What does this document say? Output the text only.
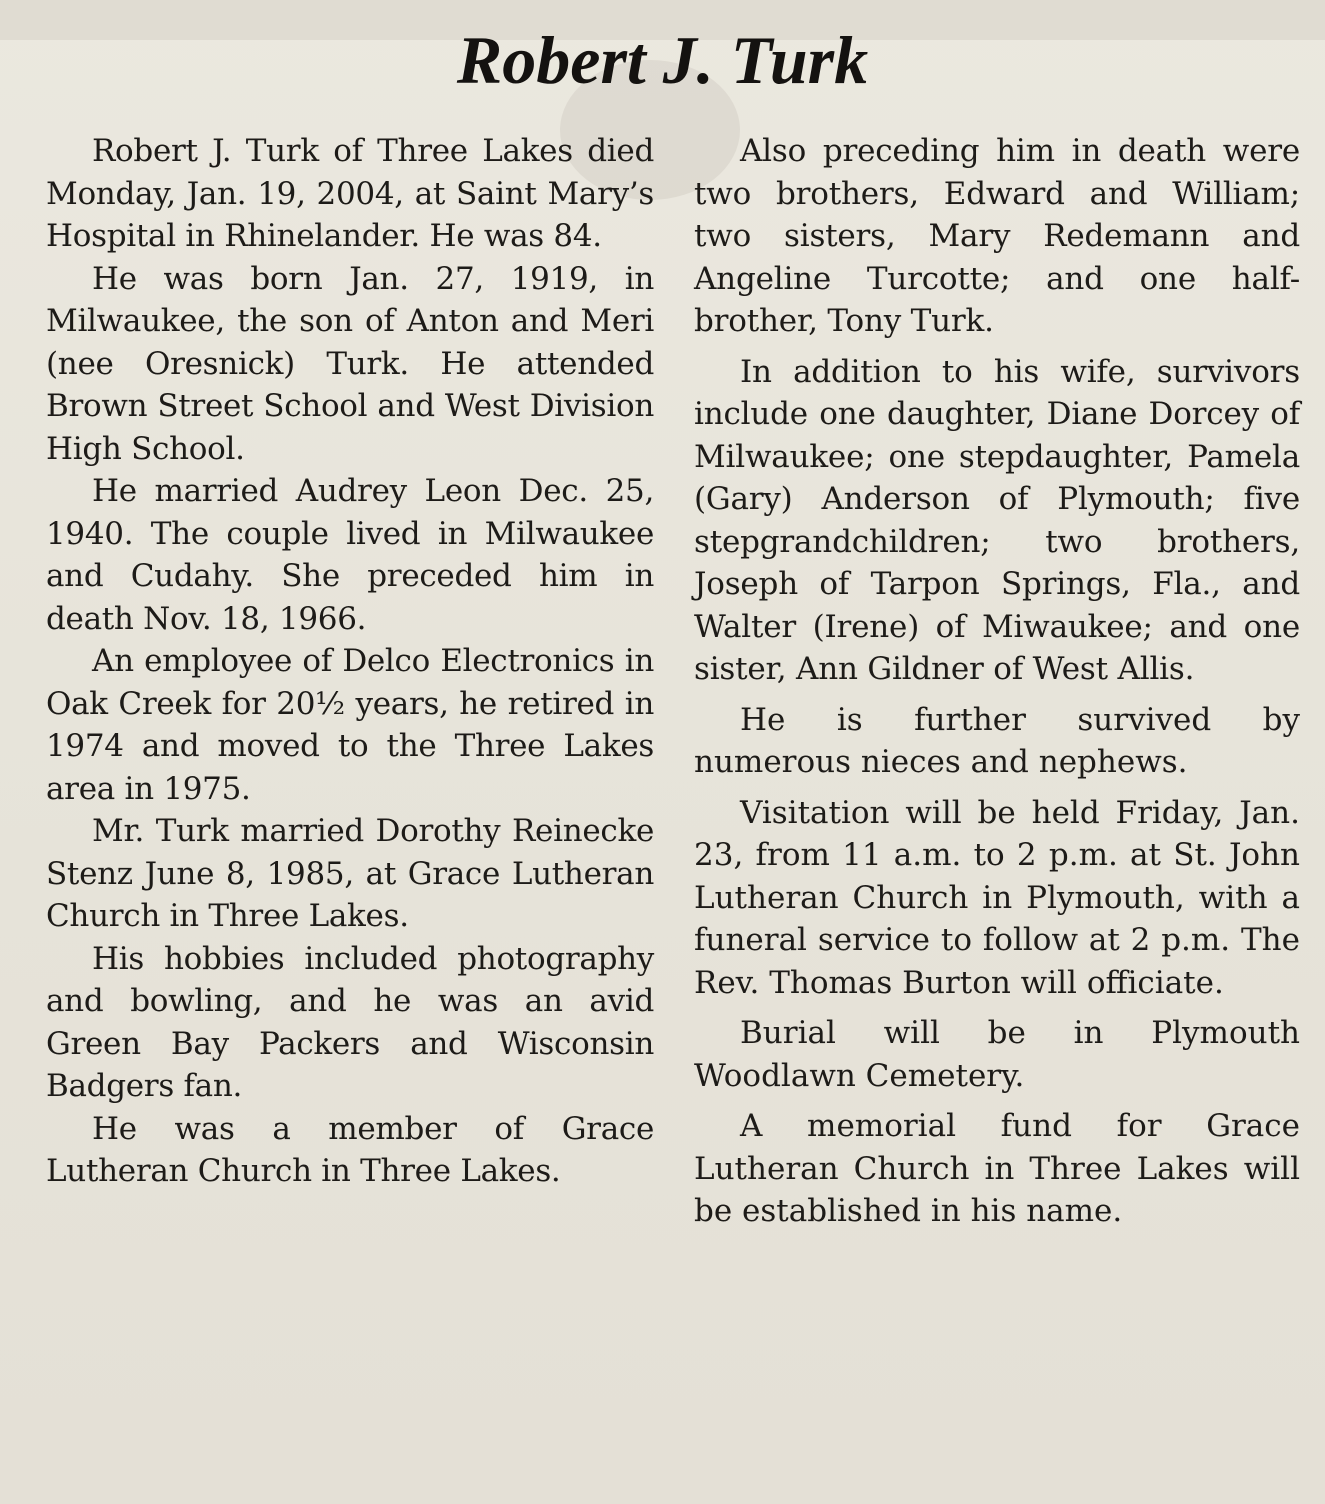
Robert J. Turk

Robert J. Turk of Three Lakes died Monday, Jan. 19, 2004, at Saint Mary’s Hospital in Rhinelander. He was 84.

He was born Jan. 27, 1919, in Milwaukee, the son of Anton and Meri (nee Oresnick) Turk. He attended Brown Street School and West Division High School.

He married Audrey Leon Dec. 25, 1940. The couple lived in Milwaukee and Cudahy. She preceded him in death Nov. 18, 1966.

An employee of Delco Electronics in Oak Creek for 20½ years, he retired in 1974 and moved to the Three Lakes area in 1975.

Mr. Turk married Dorothy Reinecke Stenz June 8, 1985, at Grace Lutheran Church in Three Lakes.

His hobbies included photography and bowling, and he was an avid Green Bay Packers and Wisconsin Badgers fan.

He was a member of Grace Lutheran Church in Three Lakes.

Also preceding him in death were two brothers, Edward and William; two sisters, Mary Redemann and Angeline Turcotte; and one half-brother, Tony Turk.

In addition to his wife, survivors include one daughter, Diane Dorcey of Milwaukee; one stepdaughter, Pamela (Gary) Anderson of Plymouth; five stepgrandchildren; two brothers, Joseph of Tarpon Springs, Fla., and Walter (Irene) of Miwaukee; and one sister, Ann Gildner of West Allis.

He is further survived by numerous nieces and nephews.

Visitation will be held Friday, Jan. 23, from 11 a.m. to 2 p.m. at St. John Lutheran Church in Plymouth, with a funeral service to follow at 2 p.m. The Rev. Thomas Burton will officiate.

Burial will be in Plymouth Woodlawn Cemetery.

A memorial fund for Grace Lutheran Church in Three Lakes will be established in his name.
